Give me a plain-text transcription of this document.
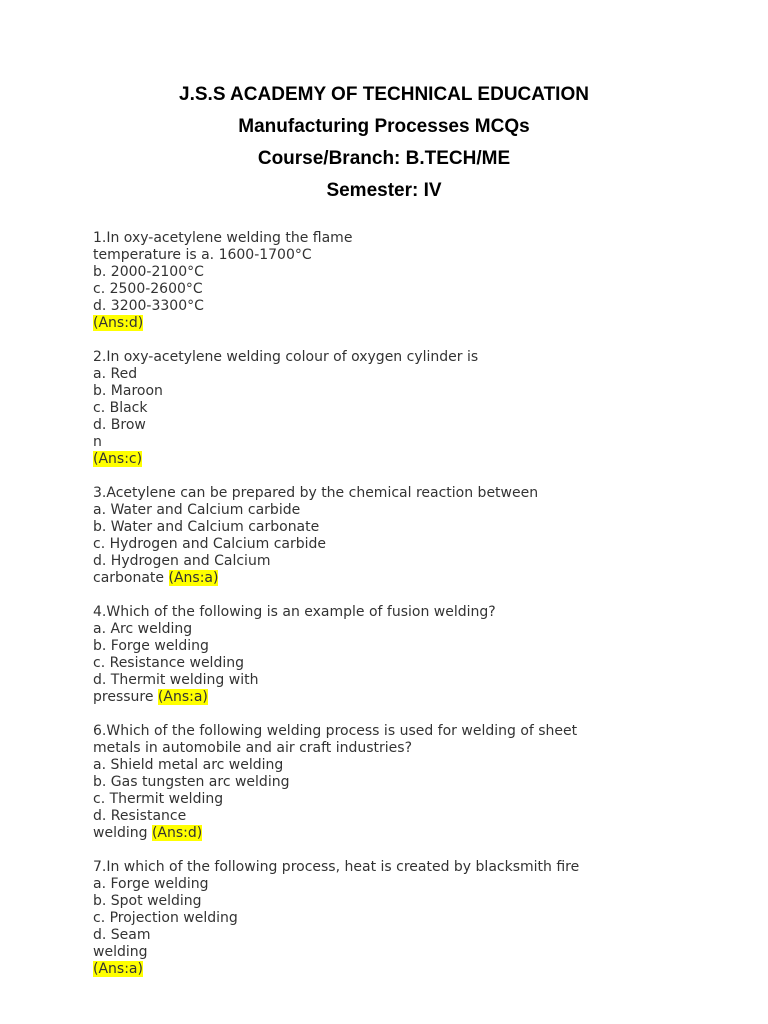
J.S.S ACADEMY OF TECHNICAL EDUCATION
Manufacturing Processes MCQs
Course/Branch: B.TECH/ME
Semester: IV
1.In oxy-acetylene welding the flame
temperature is a. 1600-1700°C
b. 2000-2100°C
c. 2500-2600°C
d. 3200-3300°C
(Ans:d)
2.In oxy-acetylene welding colour of oxygen cylinder is
a. Red
b. Maroon
c. Black
d. Brow
n
(Ans:c)
3.Acetylene can be prepared by the chemical reaction between
a. Water and Calcium carbide
b. Water and Calcium carbonate
c. Hydrogen and Calcium carbide
d. Hydrogen and Calcium
carbonate (Ans:a)
4.Which of the following is an example of fusion welding?
a. Arc welding
b. Forge welding
c. Resistance welding
d. Thermit welding with
pressure (Ans:a)
6.Which of the following welding process is used for welding of sheet
metals in automobile and air craft industries?
a. Shield metal arc welding
b. Gas tungsten arc welding
c. Thermit welding
d. Resistance
welding (Ans:d)
7.In which of the following process, heat is created by blacksmith fire
a. Forge welding
b. Spot welding
c. Projection welding
d. Seam
welding
(Ans:a)
